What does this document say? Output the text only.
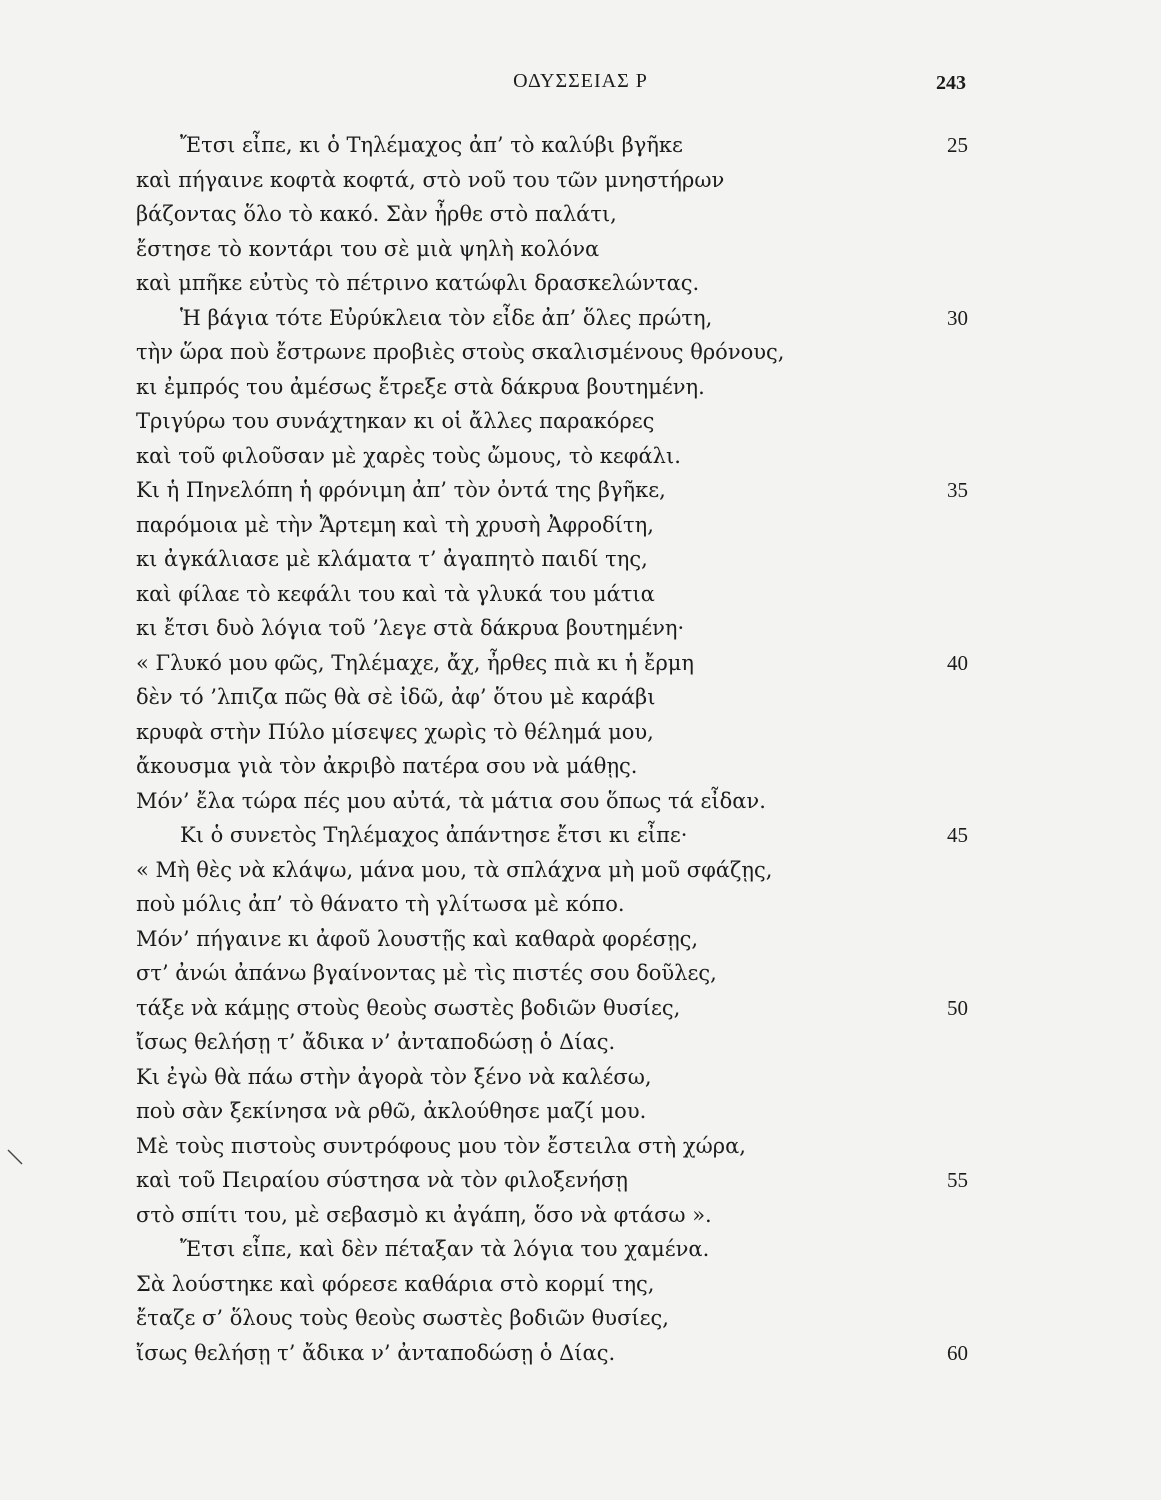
ΟΔΥΣΣΕΙΑΣ Ρ	243
Ἔτσι εἶπε, κι ὁ Τηλέμαχος ἀπ’ τὸ καλύβι βγῆκε	25
καὶ πήγαινε κοφτὰ κοφτά, στὸ νοῦ του τῶν μνηστήρων
βάζοντας ὅλο τὸ κακό. Σὰν ἦρθε στὸ παλάτι,
ἔστησε τὸ κοντάρι του σὲ μιὰ ψηλὴ κολόνα
καὶ μπῆκε εὐτὺς τὸ πέτρινο κατώφλι δρασκελώντας.
Ἡ βάγια τότε Εὐρύκλεια τὸν εἶδε ἀπ’ ὅλες πρώτη,	30
τὴν ὥρα ποὺ ἔστρωνε προβιὲς στοὺς σκαλισμένους θρόνους,
κι ἐμπρός του ἀμέσως ἔτρεξε στὰ δάκρυα βουτημένη.
Τριγύρω του συνάχτηκαν κι οἱ ἄλλες παρακόρες
καὶ τοῦ φιλοῦσαν μὲ χαρὲς τοὺς ὤμους, τὸ κεφάλι.
Κι ἡ Πηνελόπη ἡ φρόνιμη ἀπ’ τὸν ὀντά της βγῆκε,	35
παρόμοια μὲ τὴν Ἄρτεμη καὶ τὴ χρυσὴ Ἀφροδίτη,
κι ἀγκάλιασε μὲ κλάματα τ’ ἀγαπητὸ παιδί της,
καὶ φίλαε τὸ κεφάλι του καὶ τὰ γλυκά του μάτια
κι ἔτσι δυὸ λόγια τοῦ ’λεγε στὰ δάκρυα βουτημένη·
« Γλυκό μου φῶς, Τηλέμαχε, ἄχ, ἦρθες πιὰ κι ἡ ἔρμη	40
δὲν τό ’λπιζα πῶς θὰ σὲ ἰδῶ, ἀφ’ ὅτου μὲ καράβι
κρυφὰ στὴν Πύλο μίσεψες χωρὶς τὸ θέλημά μου,
ἄκουσμα γιὰ τὸν ἀκριβὸ πατέρα σου νὰ μάθῃς.
Μόν’ ἔλα τώρα πές μου αὐτά, τὰ μάτια σου ὅπως τά εἶδαν.
Κι ὁ συνετὸς Τηλέμαχος ἀπάντησε ἔτσι κι εἶπε·	45
« Μὴ θὲς νὰ κλάψω, μάνα μου, τὰ σπλάχνα μὴ μοῦ σφάζῃς,
ποὺ μόλις ἀπ’ τὸ θάνατο τὴ γλίτωσα μὲ κόπο.
Μόν’ πήγαινε κι ἀφοῦ λουστῇς καὶ καθαρὰ φορέσῃς,
στ’ ἀνώι ἀπάνω βγαίνοντας μὲ τὶς πιστές σου δοῦλες,
τάξε νὰ κάμῃς στοὺς θεοὺς σωστὲς βοδιῶν θυσίες,	50
ἴσως θελήσῃ τ’ ἄδικα ν’ ἀνταποδώσῃ ὁ Δίας.
Κι ἐγὼ θὰ πάω στὴν ἀγορὰ τὸν ξένο νὰ καλέσω,
ποὺ σὰν ξεκίνησα νὰ ρθῶ, ἀκλούθησε μαζί μου.
Μὲ τοὺς πιστοὺς συντρόφους μου τὸν ἔστειλα στὴ χώρα,
καὶ τοῦ Πειραίου σύστησα νὰ τὸν φιλοξενήσῃ	55
στὸ σπίτι του, μὲ σεβασμὸ κι ἀγάπη, ὅσο νὰ φτάσω ».
Ἔτσι εἶπε, καὶ δὲν πέταξαν τὰ λόγια του χαμένα.
Σὰ λούστηκε καὶ φόρεσε καθάρια στὸ κορμί της,
ἔταζε σ’ ὅλους τοὺς θεοὺς σωστὲς βοδιῶν θυσίες,
ἴσως θελήσῃ τ’ ἄδικα ν’ ἀνταποδώσῃ ὁ Δίας.	60
